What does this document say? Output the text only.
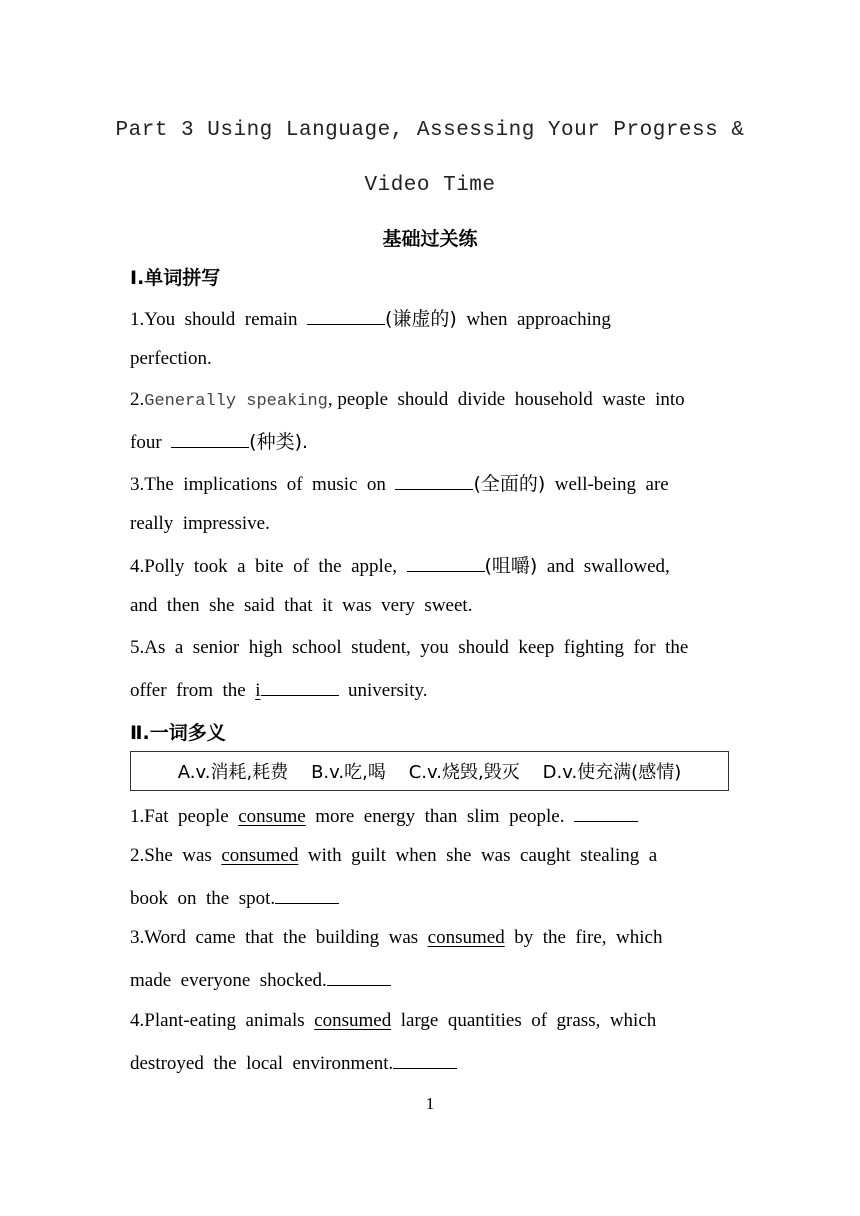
Part 3 Using Language, Assessing Your Progress &
Video Time
基础过关练
Ⅰ.单词拼写
1.You  should  remain	(谦虚的)  when  approaching
perfection.
2.Generally speaking, people  should  divide  household  waste  into
four	(种类).
3.The  implications  of  music  on	(全面的)  well-being  are
really  impressive.
4.Polly  took  a  bite  of  the  apple,	(咀嚼)  and  swallowed,
and  then  she  said  that  it  was  very  sweet.
5.As  a  senior  high  school  student,  you  should  keep  fighting  for  the
offer  from  the  i	university.
Ⅱ.一词多义
A.v.消耗,耗费    B.v.吃,喝    C.v.烧毁,毁灭    D.v.使充满(感情)
1.Fat  people  consume  more  energy  than  slim  people.
2.She  was  consumed  with  guilt  when  she  was  caught  stealing  a
book  on  the  spot.
3.Word  came  that  the  building  was  consumed  by  the  fire,  which
made  everyone  shocked.
4.Plant-eating  animals  consumed  large  quantities  of  grass,  which
destroyed  the  local  environment.
1
